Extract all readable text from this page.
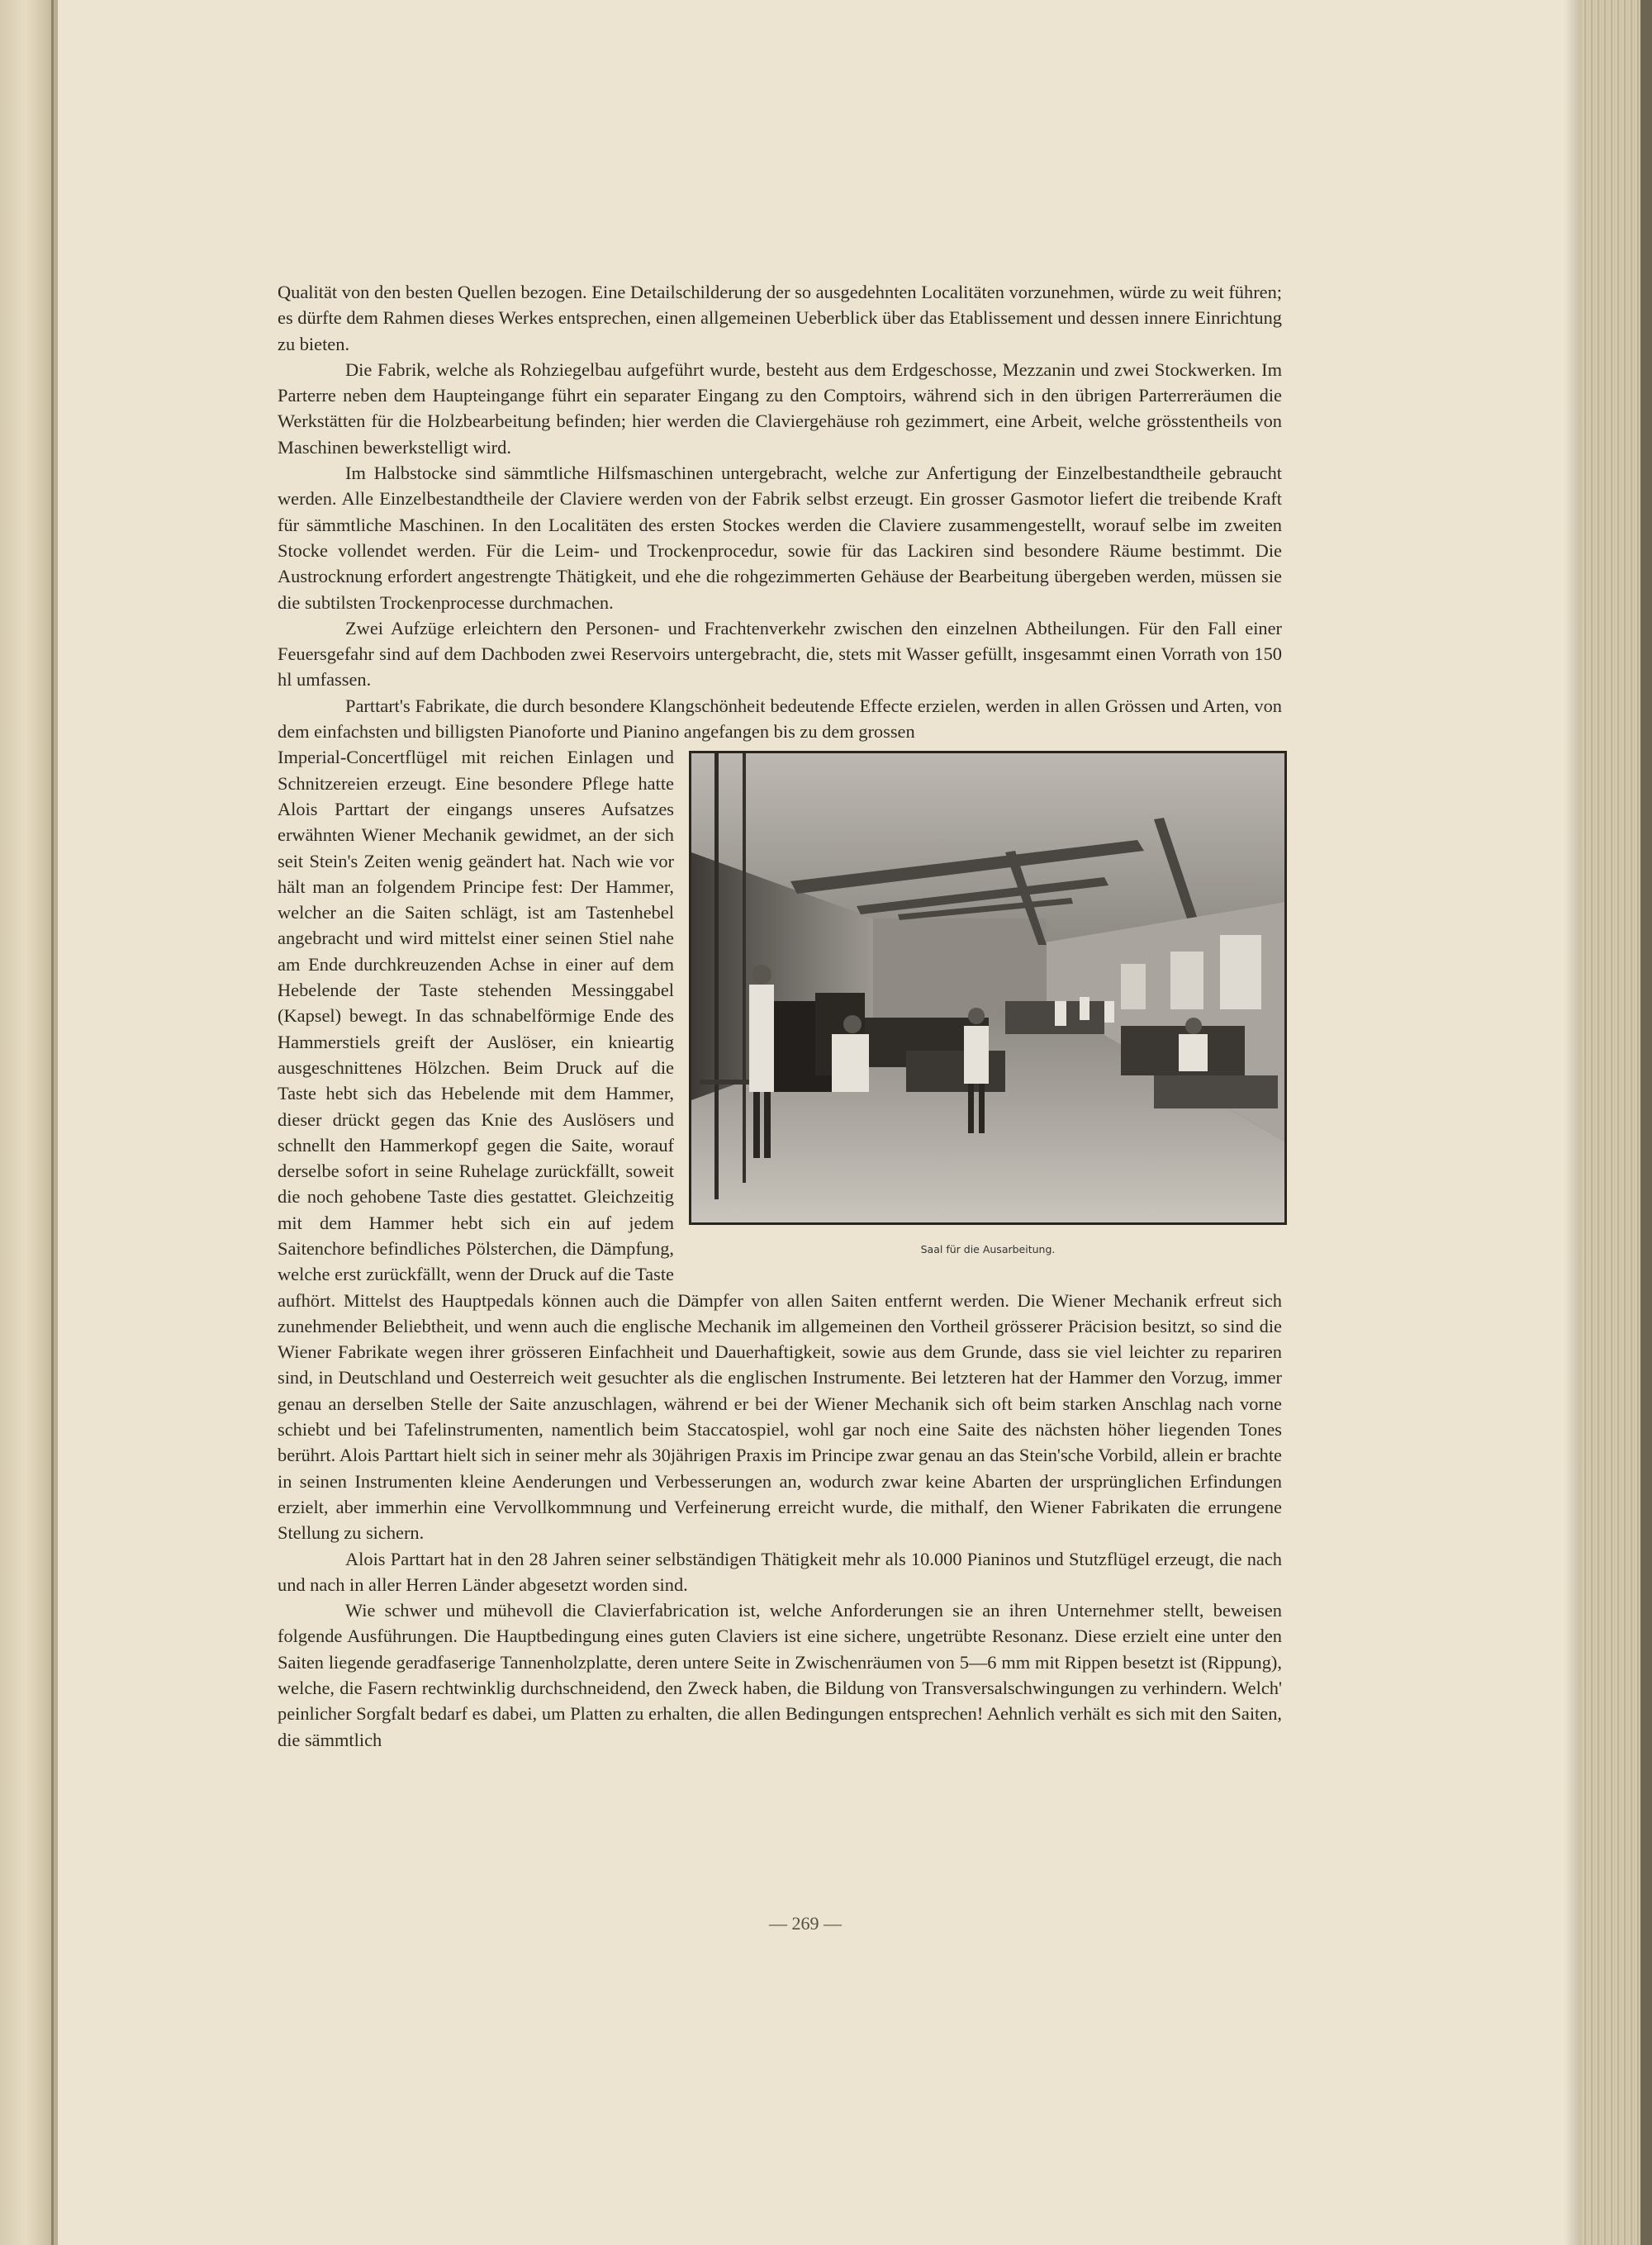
Qualität von den besten Quellen bezogen. Eine Detailschilderung der so ausgedehnten Localitäten vorzunehmen, würde zu weit führen; es dürfte dem Rahmen dieses Werkes entsprechen, einen allgemeinen Ueberblick über das Etablissement und dessen innere Einrichtung zu bieten.

Die Fabrik, welche als Rohziegelbau aufgeführt wurde, besteht aus dem Erdgeschosse, Mezzanin und zwei Stockwerken. Im Parterre neben dem Haupteingange führt ein separater Eingang zu den Comptoirs, während sich in den übrigen Parterreräumen die Werkstätten für die Holzbearbeitung befinden; hier werden die Claviergehäuse roh gezimmert, eine Arbeit, welche grösstentheils von Maschinen bewerkstelligt wird.

Im Halbstocke sind sämmtliche Hilfsmaschinen untergebracht, welche zur Anfertigung der Einzelbestandtheile gebraucht werden. Alle Einzelbestandtheile der Claviere werden von der Fabrik selbst erzeugt. Ein grosser Gasmotor liefert die treibende Kraft für sämmtliche Maschinen. In den Localitäten des ersten Stockes werden die Claviere zusammengestellt, worauf selbe im zweiten Stocke vollendet werden. Für die Leim- und Trockenprocedur, sowie für das Lackiren sind besondere Räume bestimmt. Die Austrocknung erfordert angestrengte Thätigkeit, und ehe die rohgezimmerten Gehäuse der Bearbeitung übergeben werden, müssen sie die subtilsten Trockenprocesse durchmachen.

Zwei Aufzüge erleichtern den Personen- und Frachtenverkehr zwischen den einzelnen Abtheilungen. Für den Fall einer Feuersgefahr sind auf dem Dachboden zwei Reservoirs untergebracht, die, stets mit Wasser gefüllt, insgesammt einen Vorrath von 150 hl umfassen.

Parttart's Fabrikate, die durch besondere Klangschönheit bedeutende Effecte erzielen, werden in allen Grössen und Arten, von dem einfachsten und billigsten Pianoforte und Pianino angefangen bis zu dem grossen

Saal für die Ausarbeitung.

Imperial-Concertflügel mit reichen Einlagen und Schnitzereien erzeugt. Eine besondere Pflege hatte Alois Parttart der eingangs unseres Aufsatzes erwähnten Wiener Mechanik gewidmet, an der sich seit Stein's Zeiten wenig geändert hat. Nach wie vor hält man an folgendem Principe fest: Der Hammer, welcher an die Saiten schlägt, ist am Tastenhebel angebracht und wird mittelst einer seinen Stiel nahe am Ende durchkreuzenden Achse in einer auf dem Hebelende der Taste stehenden Messinggabel (Kapsel) bewegt. In das schnabelförmige Ende des Hammerstiels greift der Auslöser, ein knieartig ausgeschnittenes Hölzchen. Beim Druck auf die Taste hebt sich das Hebelende mit dem Hammer, dieser drückt gegen das Knie des Auslösers und schnellt den Hammerkopf gegen die Saite, worauf derselbe sofort in seine Ruhelage zurückfällt, soweit die noch gehobene Taste dies gestattet. Gleichzeitig mit dem Hammer hebt sich ein auf jedem Saitenchore befindliches Pölsterchen, die Dämpfung, welche erst zurückfällt, wenn der Druck auf die Taste aufhört. Mittelst des Hauptpedals können auch die Dämpfer von allen Saiten entfernt werden. Die Wiener Mechanik erfreut sich zunehmender Beliebtheit, und wenn auch die englische Mechanik im allgemeinen den Vortheil grösserer Präcision besitzt, so sind die Wiener Fabrikate wegen ihrer grösseren Einfachheit und Dauerhaftigkeit, sowie aus dem Grunde, dass sie viel leichter zu repariren sind, in Deutschland und Oesterreich weit gesuchter als die englischen Instrumente. Bei letzteren hat der Hammer den Vorzug, immer genau an derselben Stelle der Saite anzuschlagen, während er bei der Wiener Mechanik sich oft beim starken Anschlag nach vorne schiebt und bei Tafelinstrumenten, namentlich beim Staccatospiel, wohl gar noch eine Saite des nächsten höher liegenden Tones berührt. Alois Parttart hielt sich in seiner mehr als 30jährigen Praxis im Principe zwar genau an das Stein'sche Vorbild, allein er brachte in seinen Instrumenten kleine Aenderungen und Verbesserungen an, wodurch zwar keine Abarten der ursprünglichen Erfindungen erzielt, aber immerhin eine Vervollkommnung und Verfeinerung erreicht wurde, die mithalf, den Wiener Fabrikaten die errungene Stellung zu sichern.

Alois Parttart hat in den 28 Jahren seiner selbständigen Thätigkeit mehr als 10.000 Pianinos und Stutzflügel erzeugt, die nach und nach in aller Herren Länder abgesetzt worden sind.

Wie schwer und mühevoll die Clavierfabrication ist, welche Anforderungen sie an ihren Unternehmer stellt, beweisen folgende Ausführungen. Die Hauptbedingung eines guten Claviers ist eine sichere, ungetrübte Resonanz. Diese erzielt eine unter den Saiten liegende geradfaserige Tannenholzplatte, deren untere Seite in Zwischenräumen von 5—6 mm mit Rippen besetzt ist (Rippung), welche, die Fasern rechtwinklig durchschneidend, den Zweck haben, die Bildung von Transversalschwingungen zu verhindern. Welch' peinlicher Sorgfalt bedarf es dabei, um Platten zu erhalten, die allen Bedingungen entsprechen! Aehnlich verhält es sich mit den Saiten, die sämmtlich

— 269 —
